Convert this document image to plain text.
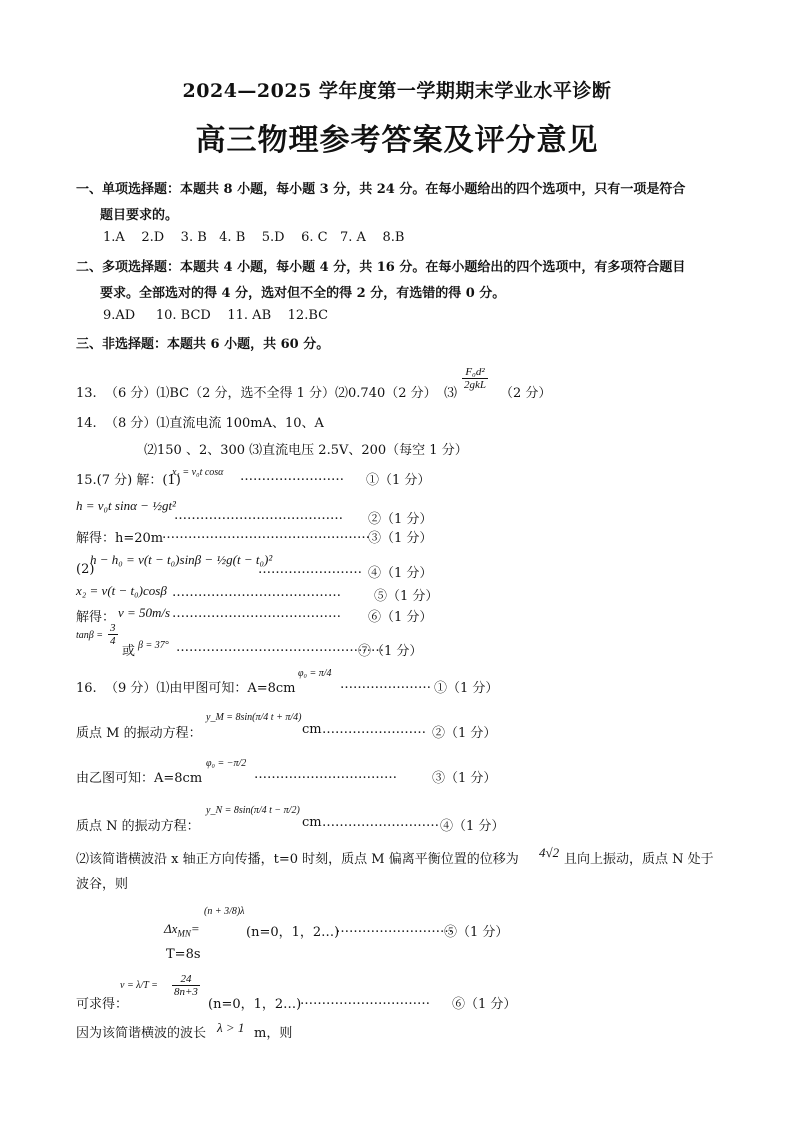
2024—2025 学年度第一学期期末学业水平诊断
高三物理参考答案及评分意见
一、单项选择题：本题共 8 小题，每小题 3 分，共 24 分。在每小题给出的四个选项中，只有一项是符合
题目要求的。
1.A    2.D    3. B   4. B    5.D    6. C   7. A    8.B
二、多项选择题：本题共 4 小题，每小题 4 分，共 16 分。在每小题给出的四个选项中，有多项符合题目
要求。全部选对的得 4 分，选对但不全的得 2 分，有选错的得 0 分。
9.AD     10. BCD    11. AB    12.BC
三、非选择题：本题共 6 小题，共 60 分。
13.  （6 分）⑴BC（2 分，选不全得 1 分）⑵0.740（2 分） ⑶
F₀d²
2gkL
（2 分）
14.  （8 分）⑴直流电流 100mA、10、A
⑵150 、2、300 ⑶直流电压 2.5V、200（每空 1 分）
15.(7 分) 解：(1)
x₁ = v₀t cosα …………………… ①（1 分）
h = v₀t sinα − ½gt²
………………………………… ②（1 分）
解得：h=20m
…………………………………………
③（1 分）
(2)
h − h₀ = v(t − t₀)sinβ − ½g(t − t₀)²
…………………… ④（1 分）
x₂ = v(t − t₀)cosβ …………………………………	⑤（1 分）
解得： v = 50m/s ………………………………… ⑥（1 分）
$\tan\beta = \frac{3}{4}$
或 β = 37° …………………………………………
⑦（1 分）
16.  （9 分）⑴由甲图可知：A=8cm
φ₀ = π/4
………………… ①（1 分）
质点 M 的振动方程：
y_M = 8sin(π/4 t + π/4)
cm …………………… ②（1 分）
由乙图可知：A=8cm
φ₀ = −π/2
……………………………	③（1 分）
质点 N 的振动方程：
y_N = 8sin(π/4 t − π/2)
cm ……………………… ④（1 分）
⑵该简谐横波沿 x 轴正方向传播，t=0 时刻，质点 M 偏离平衡位置的位移为 4√2 且向上振动，质点 N 处于
波谷，则
$\Delta x_{MN}=$
(n + 3/8)λ
(n=0，1，2…)
………………………
⑤（1 分）
T=8s
可求得：
$v = \lambda/T = \frac{24}{8n+3}$
(n=0，1，2…)
………………………… ⑥（1 分）
因为该简谐横波的波长 λ > 1 m，则
